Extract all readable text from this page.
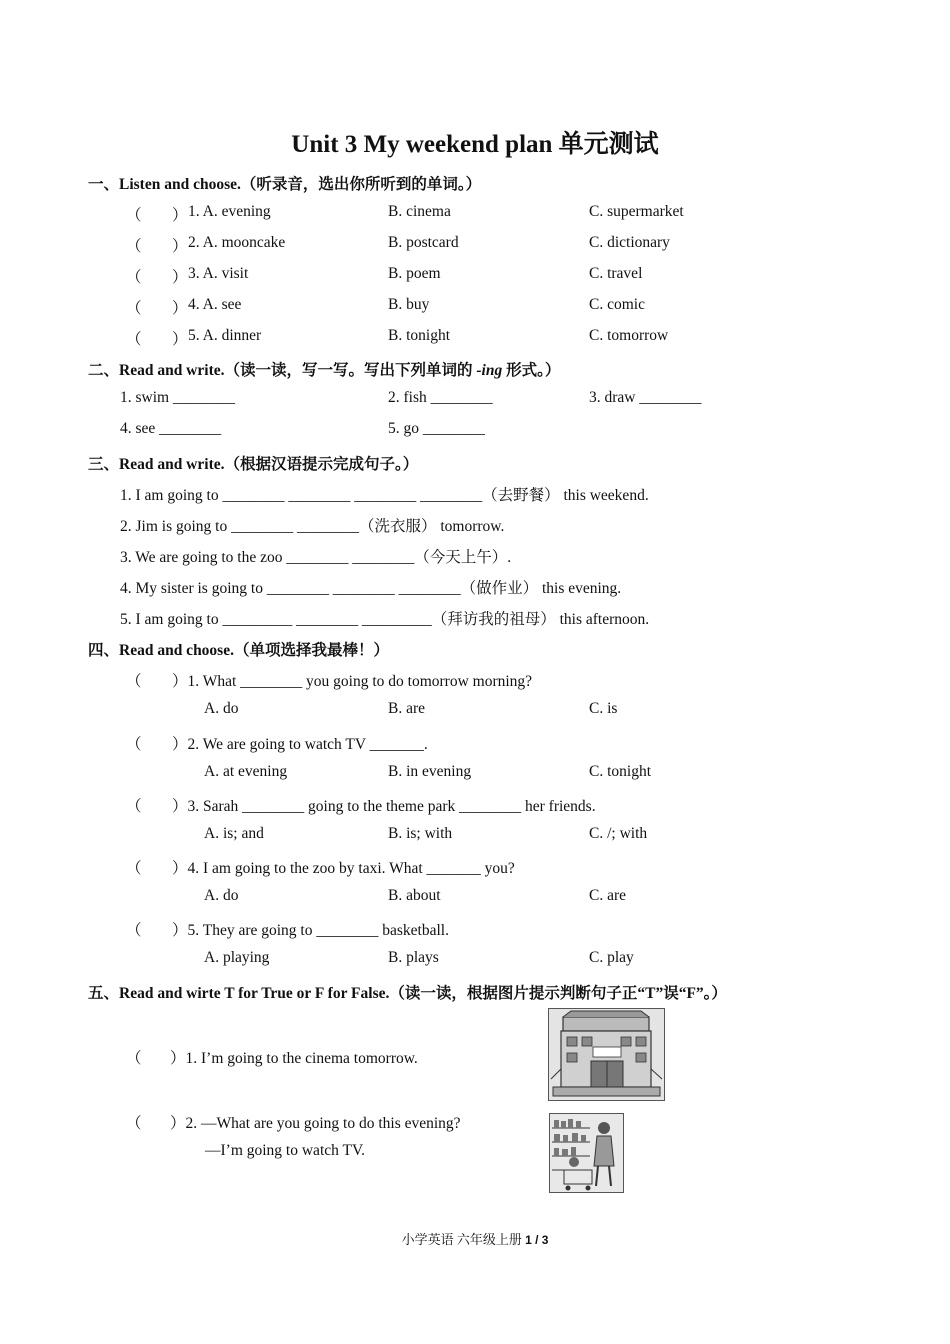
Unit 3 My weekend plan 单元测试
一、Listen and choose.（听录音，选出你所听到的单词。）
（ ） 1. A. evening	B. cinema	C. supermarket
（ ） 2. A. mooncake	B. postcard	C. dictionary
（ ） 3. A. visit	B. poem	C. travel
（ ） 4. A. see	B. buy	C. comic
（ ） 5. A. dinner	B. tonight	C. tomorrow
二、Read and write.（读一读，写一写。写出下列单词的 -ing 形式。）
1. swim ________	2. fish ________	3. draw ________
4. see ________	5. go ________
三、Read and write.（根据汉语提示完成句子。）
1. I am going to ________ ________ ________ ________（去野餐） this weekend.
2. Jim is going to ________ ________（洗衣服） tomorrow.
3. We are going to the zoo ________ ________（今天上午）.
4. My sister is going to ________ ________ ________（做作业） this evening.
5. I am going to _________ ________ _________（拜访我的祖母） this afternoon.
四、Read and choose.（单项选择我最棒！）
（ ）1. What ________ you going to do tomorrow morning?
A. do	B. are	C. is
（ ）2. We are going to watch TV _______.
A. at evening	B. in evening	C. tonight
（ ）3. Sarah ________ going to the theme park ________ her friends.
A. is; and	B. is; with	C. /; with
（ ）4. I am going to the zoo by taxi. What _______ you?
A. do	B. about	C. are
（ ）5. They are going to ________ basketball.
A. playing	B. plays	C. play
五、Read and wirte T for True or F for False.（读一读，根据图片提示判断句子正“T”误“F”。）
（ ）1. I’m going to the cinema tomorrow.
（ ）2. —What are you going to do this evening?
—I’m going to watch TV.
小学英语 六年级上册 1 / 3
